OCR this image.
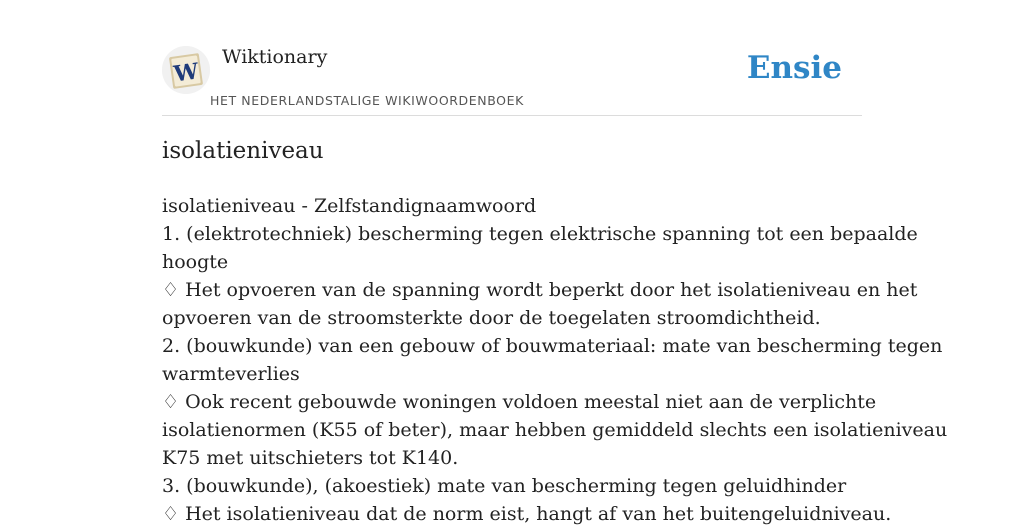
W
Wiktionary
HET NEDERLANDSTALIGE WIKIWOORDENBOEK
Ensie
isolatieniveau
isolatieniveau - Zelfstandignaamwoord
1. (elektrotechniek) bescherming tegen elektrische spanning tot een bepaalde
hoogte
♢ Het opvoeren van de spanning wordt beperkt door het isolatieniveau en het
opvoeren van de stroomsterkte door de toegelaten stroomdichtheid.
2. (bouwkunde) van een gebouw of bouwmateriaal: mate van bescherming tegen
warmteverlies
♢ Ook recent gebouwde woningen voldoen meestal niet aan de verplichte
isolatienormen (K55 of beter), maar hebben gemiddeld slechts een isolatieniveau
K75 met uitschieters tot K140.
3. (bouwkunde), (akoestiek) mate van bescherming tegen geluidhinder
♢ Het isolatieniveau dat de norm eist, hangt af van het buitengeluidniveau.
